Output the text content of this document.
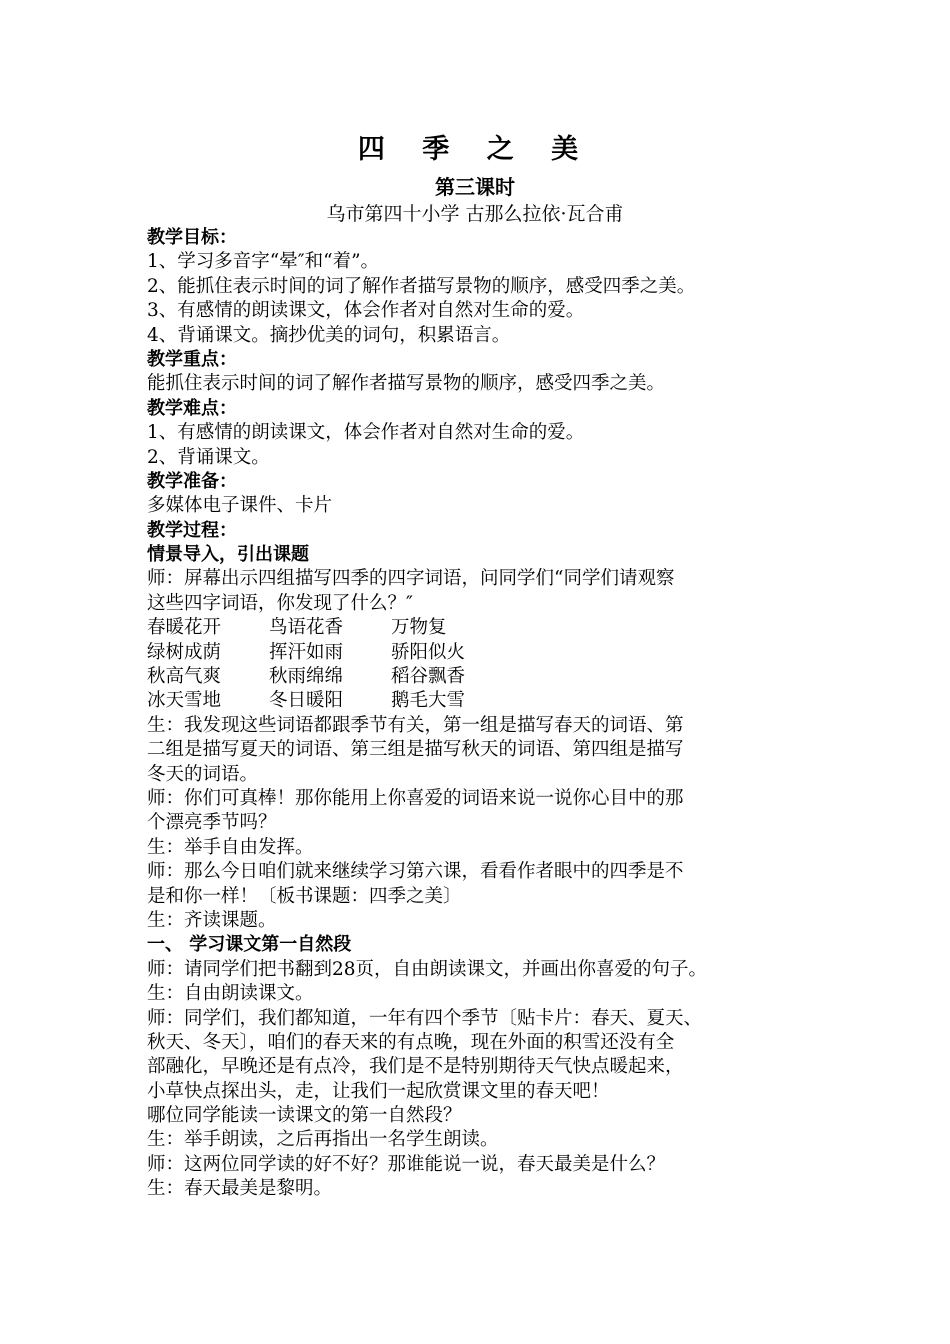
四 季 之 美
第三课时
乌市第四十小学 古那么拉依·瓦合甫
教学目标：
1、学习多音字“晕″和“着”。
2、能抓住表示时间的词了解作者描写景物的顺序，感受四季之美。
3、有感情的朗读课文，体会作者对自然对生命的爱。
4、背诵课文。摘抄优美的词句，积累语言。
教学重点：
能抓住表示时间的词了解作者描写景物的顺序，感受四季之美。
教学难点：
1、有感情的朗读课文，体会作者对自然对生命的爱。
2、背诵课文。
教学准备：
多媒体电子课件、卡片
教学过程：
情景导入，引出课题
师：屏幕出示四组描写四季的四字词语，问同学们“同学们请观察
这些四字词语，你发现了什么？″
春暖花开	鸟语花香	万物复
绿树成荫	挥汗如雨	骄阳似火
秋高气爽	秋雨绵绵	稻谷飘香
冰天雪地	冬日暖阳	鹅毛大雪
生：我发现这些词语都跟季节有关，第一组是描写春天的词语、第
二组是描写夏天的词语、第三组是描写秋天的词语、第四组是描写
冬天的词语。
师：你们可真棒！那你能用上你喜爱的词语来说一说你心目中的那
个漂亮季节吗？
生：举手自由发挥。
师：那么今日咱们就来继续学习第六课，看看作者眼中的四季是不
是和你一样！〔板书课题：四季之美〕
生：齐读课题。
一、 学习课文第一自然段
师：请同学们把书翻到28页，自由朗读课文，并画出你喜爱的句子。
生：自由朗读课文。
师：同学们，我们都知道，一年有四个季节〔贴卡片：春天、夏天、
秋天、冬天〕，咱们的春天来的有点晚，现在外面的积雪还没有全
部融化，早晚还是有点冷，我们是不是特别期待天气快点暖起来，
小草快点探出头，走，让我们一起欣赏课文里的春天吧！
哪位同学能读一读课文的第一自然段？
生：举手朗读，之后再指出一名学生朗读。
师：这两位同学读的好不好？那谁能说一说，春天最美是什么？
生：春天最美是黎明。
